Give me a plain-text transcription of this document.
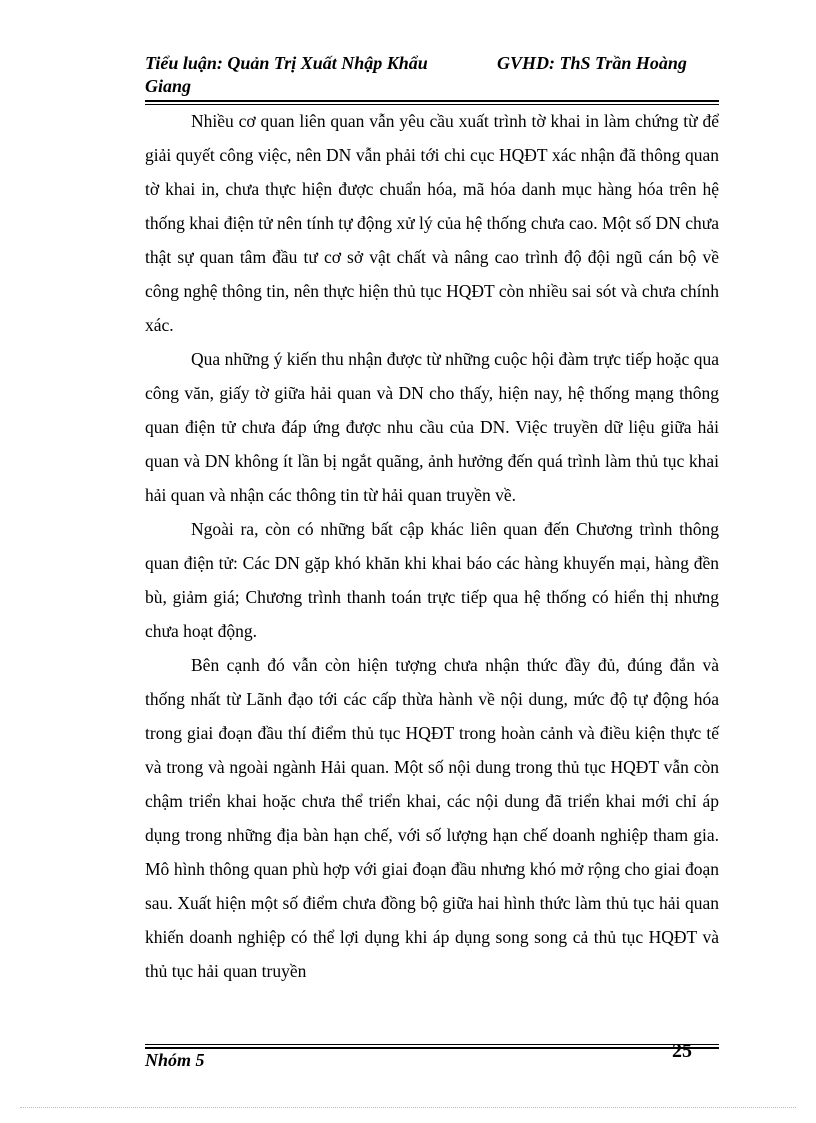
Tiểu luận: Quản Trị Xuất Nhập Khẩu	GVHD: ThS Trần Hoàng
Giang

Nhiều cơ quan liên quan vẫn yêu cầu xuất trình tờ khai in làm chứng từ để giải quyết công việc, nên DN vẫn phải tới chi cục HQĐT xác nhận đã thông quan tờ khai in, chưa thực hiện được chuẩn hóa, mã hóa danh mục hàng hóa trên hệ thống khai điện tử nên tính tự động xử lý của hệ thống chưa cao. Một số DN chưa thật sự quan tâm đầu tư cơ sở vật chất và nâng cao trình độ đội ngũ cán bộ về công nghệ thông tin, nên thực hiện thủ tục HQĐT còn nhiều sai sót và chưa chính xác.

Qua những ý kiến thu nhận được từ những cuộc hội đàm trực tiếp hoặc qua công văn, giấy tờ giữa hải quan và DN cho thấy, hiện nay, hệ thống mạng thông quan điện tử chưa đáp ứng được nhu cầu của DN. Việc truyền dữ liệu giữa hải quan và DN không ít lần bị ngắt quãng, ảnh hưởng đến quá trình làm thủ tục khai hải quan và nhận các thông tin từ hải quan truyền về.

Ngoài ra, còn có những bất cập khác liên quan đến Chương trình thông quan điện tử: Các DN gặp khó khăn khi khai báo các hàng khuyến mại, hàng đền bù, giảm giá; Chương trình thanh toán trực tiếp qua hệ thống có hiển thị nhưng chưa hoạt động.

Bên cạnh đó vẫn còn hiện tượng chưa nhận thức đầy đủ, đúng đắn và thống nhất từ Lãnh đạo tới các cấp thừa hành về nội dung, mức độ tự động hóa trong giai đoạn đầu thí điểm thủ tục HQĐT trong hoàn cảnh và điều kiện thực tế và trong và ngoài ngành Hải quan. Một số nội dung trong thủ tục HQĐT vẫn còn chậm triển khai hoặc chưa thể triển khai, các nội dung đã triển khai mới chỉ áp dụng trong những địa bàn hạn chế, với số lượng hạn chế doanh nghiệp tham gia. Mô hình thông quan phù hợp với giai đoạn đầu nhưng khó mở rộng cho giai đoạn sau. Xuất hiện một số điểm chưa đồng bộ giữa hai hình thức làm thủ tục hải quan khiến doanh nghiệp có thể lợi dụng khi áp dụng song song cả thủ tục HQĐT và thủ tục hải quan truyền

Nhóm 5	25
